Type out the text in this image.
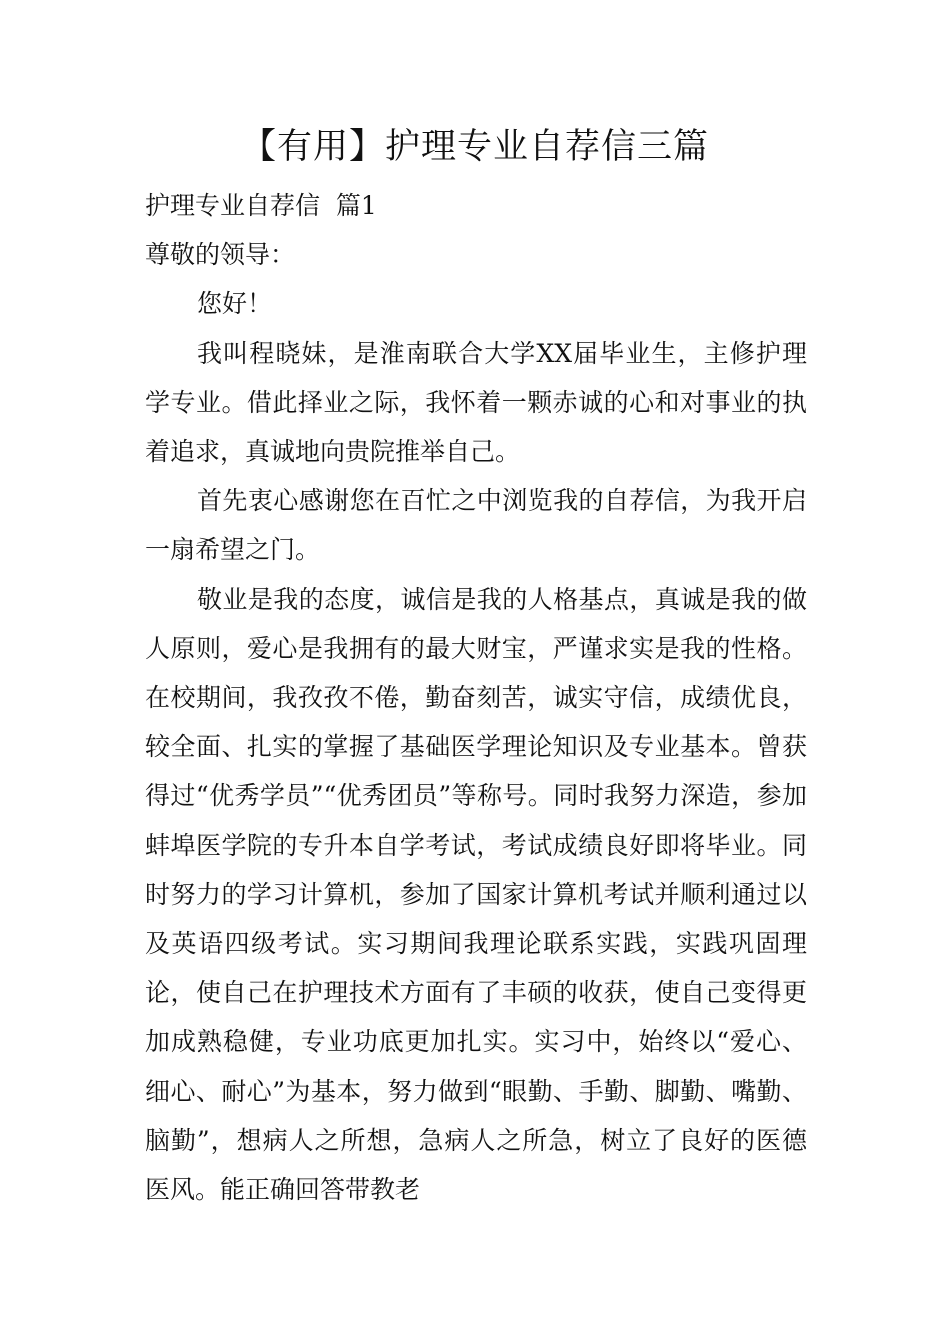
【有用】护理专业自荐信三篇

护理专业自荐信  篇1

尊敬的领导：

您好！

我叫程晓妹，是淮南联合大学XX届毕业生，主修护理学专业。借此择业之际，我怀着一颗赤诚的心和对事业的执着追求，真诚地向贵院推举自己。

首先衷心感谢您在百忙之中浏览我的自荐信，为我开启一扇希望之门。

敬业是我的态度，诚信是我的人格基点，真诚是我的做人原则，爱心是我拥有的最大财宝，严谨求实是我的性格。在校期间，我孜孜不倦，勤奋刻苦，诚实守信，成绩优良，较全面、扎实的掌握了基础医学理论知识及专业基本。曾获得过“优秀学员”“优秀团员”等称号。同时我努力深造，参加蚌埠医学院的专升本自学考试，考试成绩良好即将毕业。同时努力的学习计算机，参加了国家计算机考试并顺利通过以及英语四级考试。实习期间我理论联系实践，实践巩固理论，使自己在护理技术方面有了丰硕的收获，使自己变得更加成熟稳健，专业功底更加扎实。实习中，始终以“爱心、细心、耐心”为基本，努力做到“眼勤、手勤、脚勤、嘴勤、脑勤”，想病人之所想，急病人之所急，树立了良好的医德医风。能正确回答带教老
